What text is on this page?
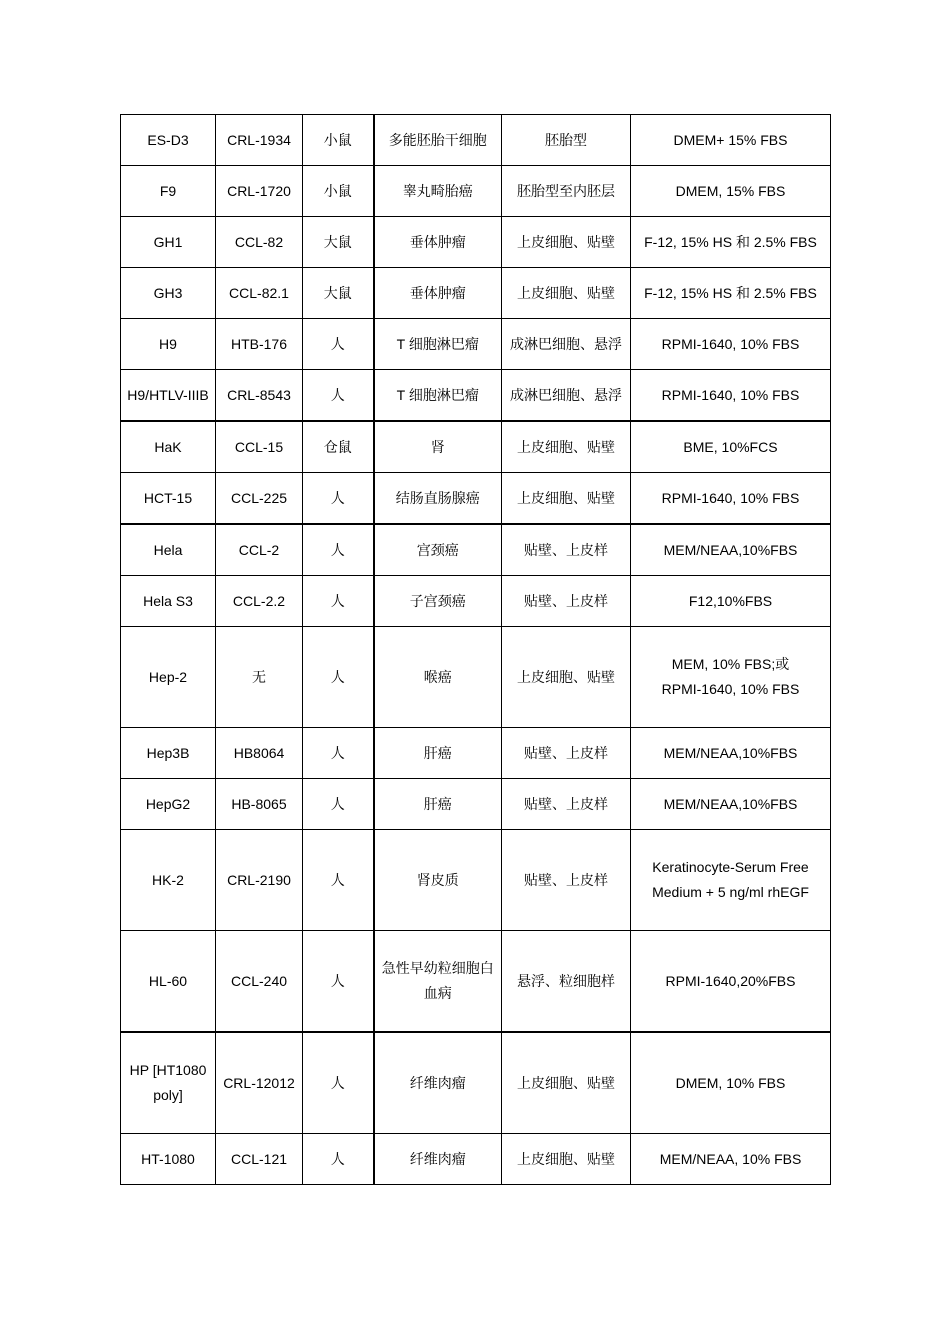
ES-D3	CRL-1934	小鼠	多能胚胎干细胞	胚胎型	DMEM+ 15% FBS
F9	CRL-1720	小鼠	睾丸畸胎癌	胚胎型至内胚层	DMEM, 15% FBS
GH1	CCL-82	大鼠	垂体肿瘤	上皮细胞、贴壁	F-12, 15% HS 和 2.5% FBS
GH3	CCL-82.1	大鼠	垂体肿瘤	上皮细胞、贴壁	F-12, 15% HS 和 2.5% FBS
H9	HTB-176	人	T 细胞淋巴瘤	成淋巴细胞、悬浮	RPMI-1640, 10% FBS
H9/HTLV-IIIB	CRL-8543	人	T 细胞淋巴瘤	成淋巴细胞、悬浮	RPMI-1640, 10% FBS
HaK	CCL-15	仓鼠	肾	上皮细胞、贴壁	BME, 10%FCS
HCT-15	CCL-225	人	结肠直肠腺癌	上皮细胞、贴壁	RPMI-1640, 10% FBS
Hela	CCL-2	人	宫颈癌	贴壁、上皮样	MEM/NEAA,10%FBS
Hela S3	CCL-2.2	人	子宫颈癌	贴壁、上皮样	F12,10%FBS
Hep-2	无	人	喉癌	上皮细胞、贴壁	MEM, 10% FBS;或
RPMI-1640, 10% FBS

Hep3B	HB8064	人	肝癌	贴壁、上皮样	MEM/NEAA,10%FBS
HepG2	HB-8065	人	肝癌	贴壁、上皮样	MEM/NEAA,10%FBS
HK-2	CRL-2190	人	肾皮质	贴壁、上皮样	Keratinocyte-Serum Free
Medium + 5 ng/ml rhEGF

HL-60	CCL-240	人	急性早幼粒细胞白
血病	悬浮、粒细胞样	RPMI-1640,20%FBS

HP [HT1080
poly]	CRL-12012	人	纤维肉瘤	上皮细胞、贴壁	DMEM, 10% FBS
HT-1080	CCL-121	人	纤维肉瘤	上皮细胞、贴壁	MEM/NEAA, 10% FBS
